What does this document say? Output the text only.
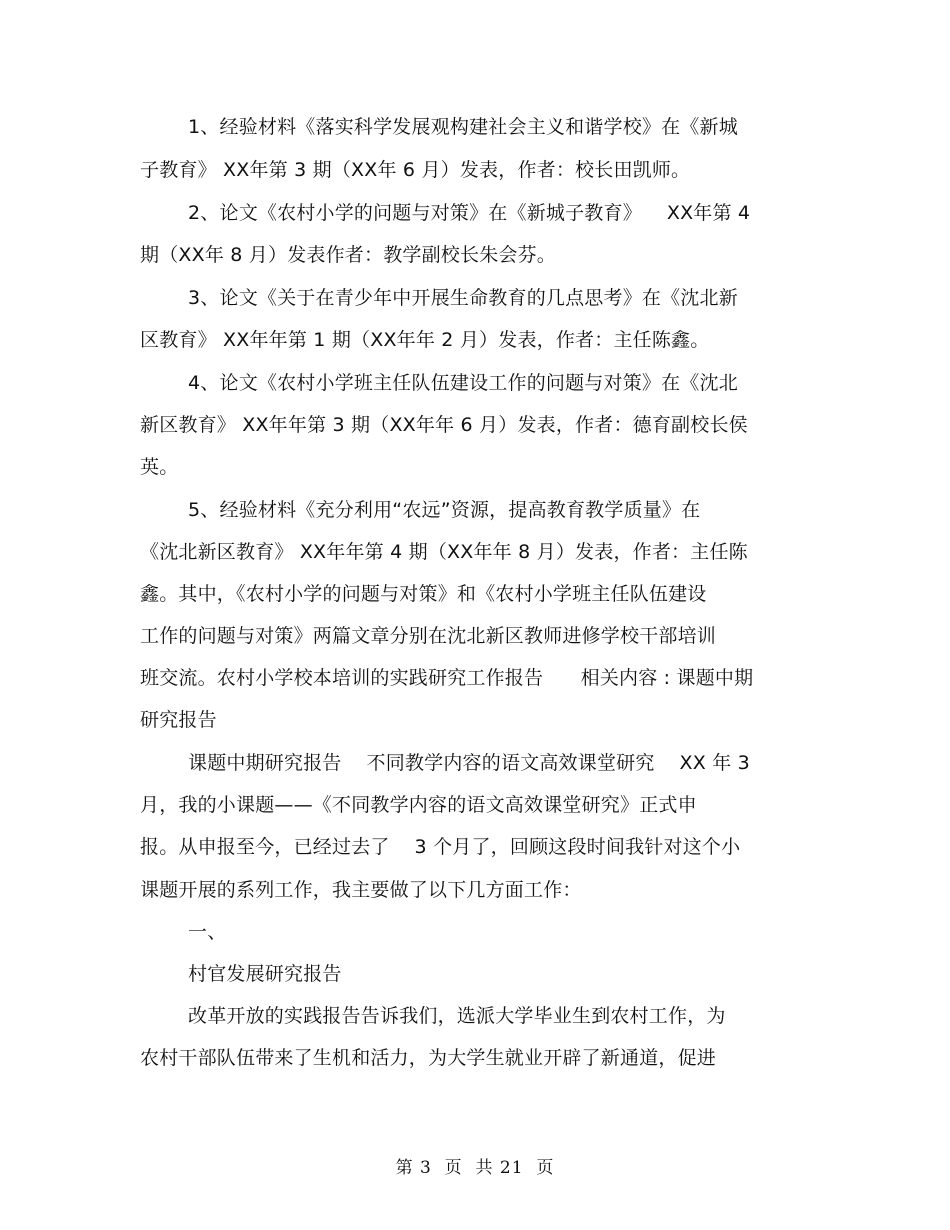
1、经验材料《落实科学发展观构建社会主义和谐学校》在《新城
子教育》 XX年第 3 期（XX年 6 月）发表，作者：校长田凯师。
2、论文《农村小学的问题与对策》在《新城子教育》    XX年第 4
期（XX年 8 月）发表作者：教学副校长朱会芬。
3、论文《关于在青少年中开展生命教育的几点思考》在《沈北新
区教育》 XX年年第 1 期（XX年年 2 月）发表，作者：主任陈鑫。
4、论文《农村小学班主任队伍建设工作的问题与对策》在《沈北
新区教育》 XX年年第 3 期（XX年年 6 月）发表，作者：德育副校长侯
英。
5、经验材料《充分利用“农远”资源，提高教育教学质量》在
《沈北新区教育》 XX年年第 4 期（XX年年 8 月）发表，作者：主任陈
鑫。其中，《农村小学的问题与对策》和《农村小学班主任队伍建设
工作的问题与对策》两篇文章分别在沈北新区教师进修学校干部培训
班交流。农村小学校本培训的实践研究工作报告      相关内容 : 课题中期
研究报告
课题中期研究报告    不同教学内容的语文高效课堂研究    XX 年 3
月，我的小课题——《不同教学内容的语文高效课堂研究》正式申
报。从申报至今，已经过去了    3 个月了，回顾这段时间我针对这个小
课题开展的系列工作，我主要做了以下几方面工作：
一、
村官发展研究报告
改革开放的实践报告告诉我们，选派大学毕业生到农村工作，为
农村干部队伍带来了生机和活力，为大学生就业开辟了新通道，促进
第 3  页  共 21  页
